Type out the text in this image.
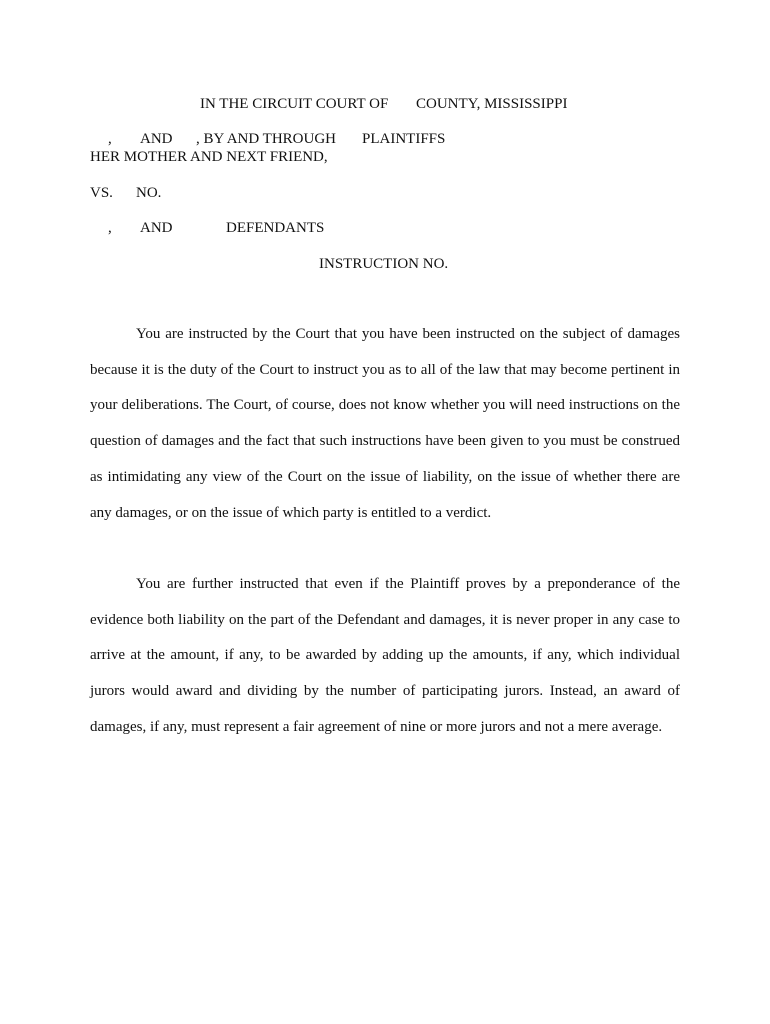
IN THE CIRCUIT COURT OF COUNTY, MISSISSIPPI
, AND , BY AND THROUGH PLAINTIFFS
HER MOTHER AND NEXT FRIEND,
VS. NO.
, AND	DEFENDANTS
INSTRUCTION NO.

You are instructed by the Court that you have been instructed on the subject of damages because it is the duty of the Court to instruct you as to all of the law that may become pertinent in your deliberations. The Court, of course, does not know whether you will need instructions on the question of damages and the fact that such instructions have been given to you must be construed as intimidating any view of the Court on the issue of liability, on the issue of whether there are any damages, or on the issue of which party is entitled to a verdict.

You are further instructed that even if the Plaintiff proves by a preponderance of the evidence both liability on the part of the Defendant and damages, it is never proper in any case to arrive at the amount, if any, to be awarded by adding up the amounts, if any, which individual jurors would award and dividing by the number of participating jurors. Instead, an award of damages, if any, must represent a fair agreement of nine or more jurors and not a mere average.
